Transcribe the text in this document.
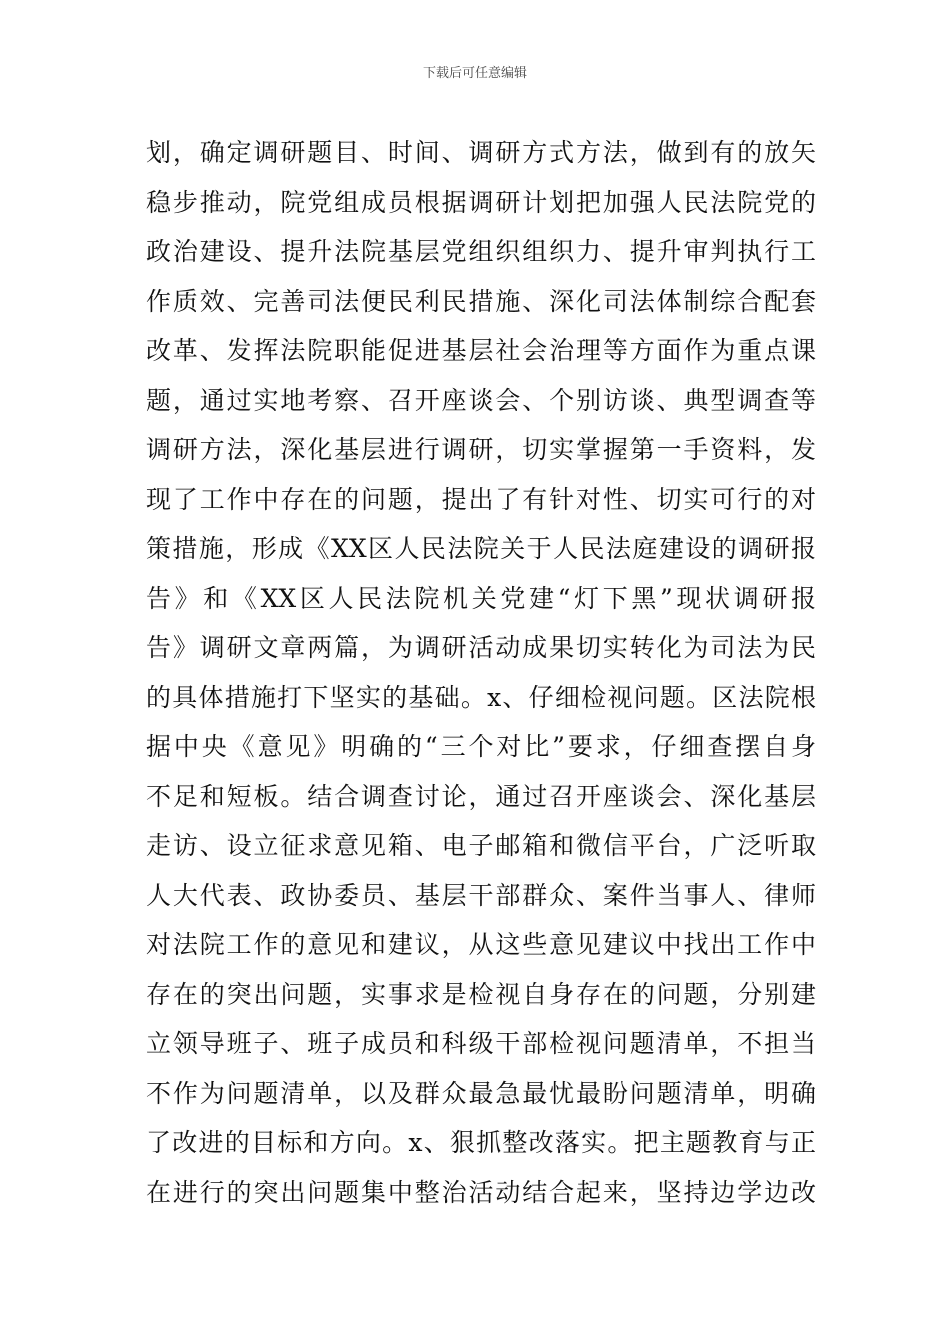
下载后可任意编辑
划，确定调研题目、时间、调研方式方法，做到有的放矢
稳步推动，院党组成员根据调研计划把加强人民法院党的
政治建设、提升法院基层党组织组织力、提升审判执行工
作质效、完善司法便民利民措施、深化司法体制综合配套
改革、发挥法院职能促进基层社会治理等方面作为重点课
题，通过实地考察、召开座谈会、个别访谈、典型调查等
调研方法，深化基层进行调研，切实掌握第一手资料，发
现了工作中存在的问题，提出了有针对性、切实可行的对
策措施，形成《XX区人民法院关于人民法庭建设的调研报
告》和《XX区人民法院机关党建“灯下黑”现状调研报
告》调研文章两篇，为调研活动成果切实转化为司法为民
的具体措施打下坚实的基础。x、仔细检视问题。区法院根
据中央《意见》明确的“三个对比”要求，仔细查摆自身
不足和短板。结合调查讨论，通过召开座谈会、深化基层
走访、设立征求意见箱、电子邮箱和微信平台，广泛听取
人大代表、政协委员、基层干部群众、案件当事人、律师
对法院工作的意见和建议，从这些意见建议中找出工作中
存在的突出问题，实事求是检视自身存在的问题，分别建
立领导班子、班子成员和科级干部检视问题清单，不担当
不作为问题清单，以及群众最急最忧最盼问题清单，明确
了改进的目标和方向。x、狠抓整改落实。把主题教育与正
在进行的突出问题集中整治活动结合起来，坚持边学边改
